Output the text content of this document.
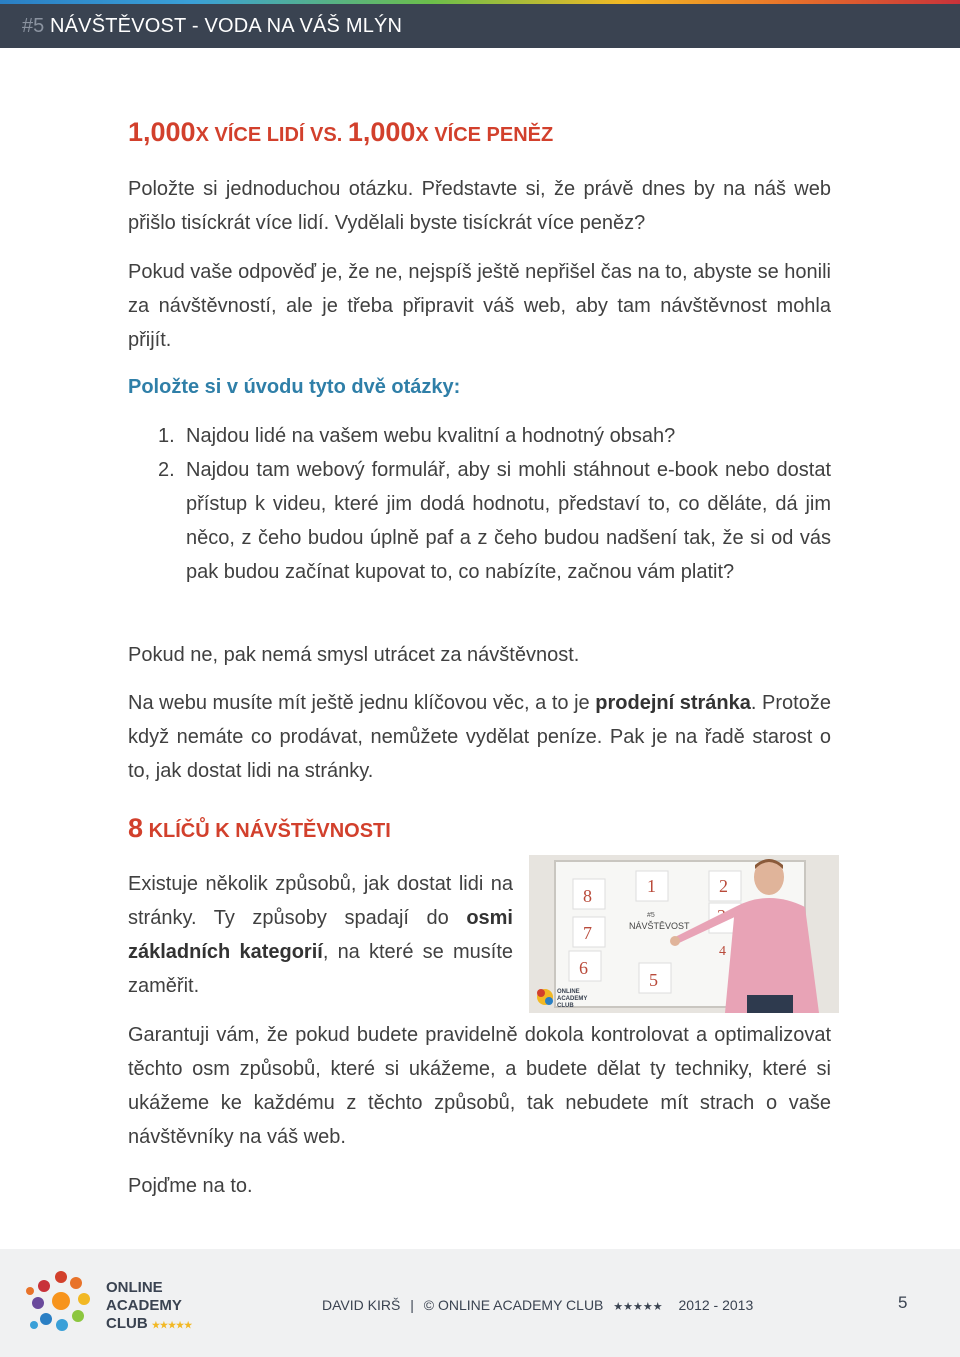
#5 NÁVŠTĚVOST - VODA NA VÁŠ MLÝN
1,000X VÍCE LIDÍ VS. 1,000X VÍCE PENĚZ

Položte si jednoduchou otázku. Představte si, že právě dnes by na náš web přišlo tisíckrát více lidí. Vydělali byste tisíckrát více peněz?

Pokud vaše odpověď je, že ne, nejspíš ještě nepřišel čas na to, abyste se honili za návštěvností, ale je třeba připravit váš web, aby tam návštěvnost mohla přijít.

Položte si v úvodu tyto dvě otázky:
1. Najdou lidé na vašem webu kvalitní a hodnotný obsah?
2. Najdou tam webový formulář, aby si mohli stáhnout e-book nebo dostat přístup k videu, které jim dodá hodnotu, představí to, co děláte, dá jim něco, z čeho budou úplně paf a z čeho budou nadšení tak, že si od vás pak budou začínat kupovat to, co nabízíte, začnou vám platit?

Pokud ne, pak nemá smysl utrácet za návštěvnost.

Na webu musíte mít ještě jednu klíčovou věc, a to je prodejní stránka. Protože když nemáte co prodávat, nemůžete vydělat peníze. Pak je na řadě starost o to, jak dostat lidi na stránky.

8 KLÍČŮ K NÁVŠTĚVNOSTI

Existuje několik způsobů, jak dostat lidi na stránky. Ty způsoby spadají do osmi základních kategorií, na které se musíte zaměřit.

Garantuji vám, že pokud budete pravidelně dokola kontrolovat a optimalizovat těchto osm způsobů, které si ukážeme, a budete dělat ty techniky, které si ukážeme ke každému z těchto způsobů, tak nebudete mít strach o vaše návštěvníky na váš web.

Pojďme na to.

8
7
6
1	2
4
5
#5
NÁVŠTĚVOST
ONLINE
ACADEMY
CLUB
ONLINE
ACADEMY
CLUB ★★★★★
DAVID KIRŠ | © ONLINE ACADEMY CLUB ★★★★★ 2012 - 2013	5
